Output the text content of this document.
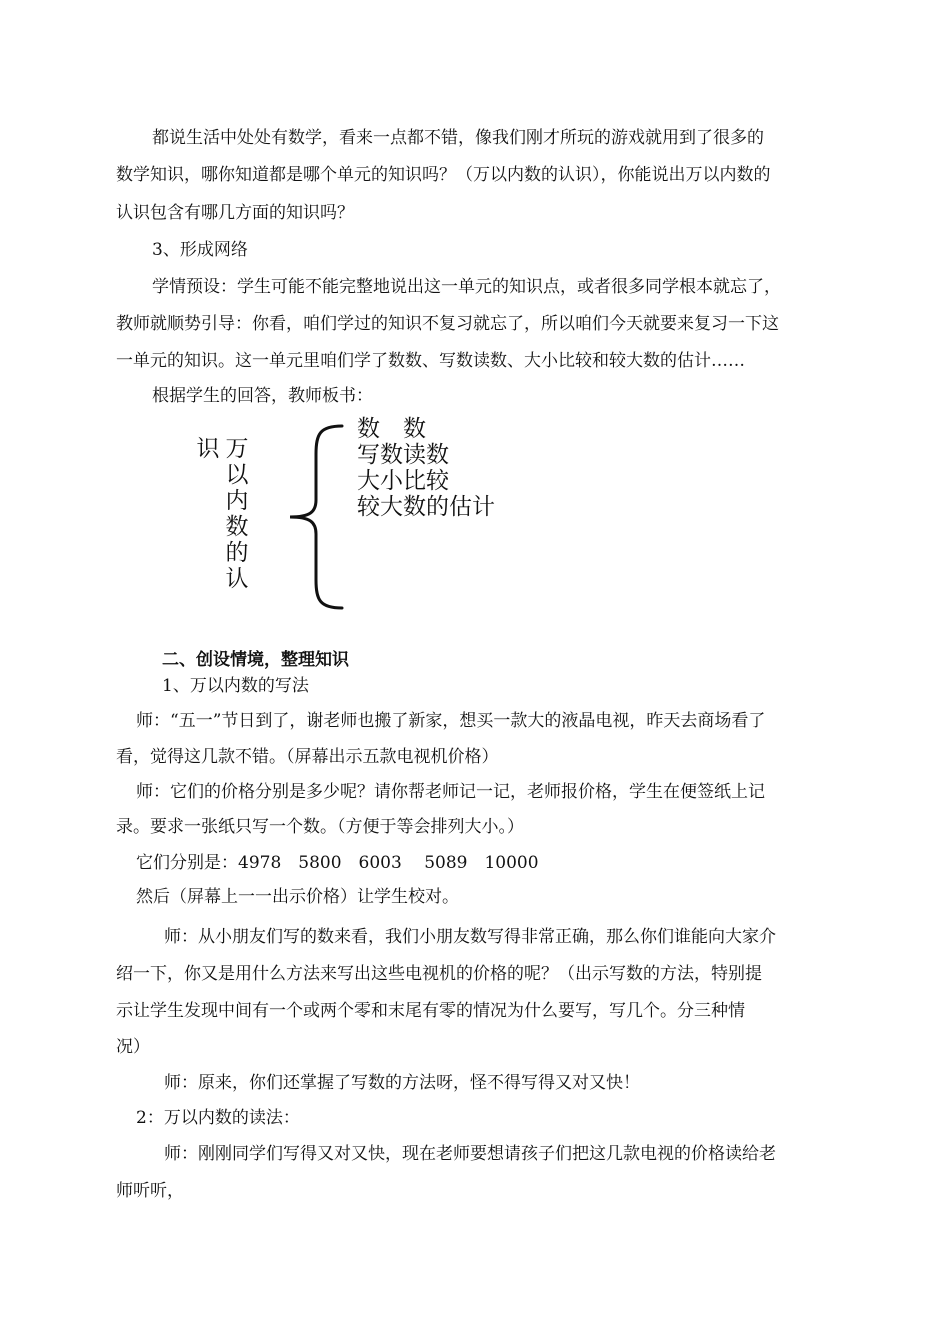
都说生活中处处有数学，看来一点都不错，像我们刚才所玩的游戏就用到了很多的
数学知识，哪你知道都是哪个单元的知识吗？（万以内数的认识），你能说出万以内数的
认识包含有哪几方面的知识吗？
3、形成网络
学情预设：学生可能不能完整地说出这一单元的知识点，或者很多同学根本就忘了，
教师就顺势引导：你看，咱们学过的知识不复习就忘了，所以咱们今天就要来复习一下这
一单元的知识。这一单元里咱们学了数数、写数读数、大小比较和较大数的估计……
根据学生的回答，教师板书：
识 万
以
内
数
的
认
数　数
写数读数
大小比较
较大数的估计
二、创设情境，整理知识
1、万以内数的写法
师：“五一”节日到了，谢老师也搬了新家，想买一款大的液晶电视，昨天去商场看了
看，觉得这几款不错。（屏幕出示五款电视机价格）
师：它们的价格分别是多少呢？请你帮老师记一记，老师报价格，学生在便签纸上记
录。要求一张纸只写一个数。（方便于等会排列大小。）
它们分别是：4978　5800　6003　 5089　10000
然后（屏幕上一一出示价格）让学生校对。
师：从小朋友们写的数来看，我们小朋友数写得非常正确，那么你们谁能向大家介
绍一下，你又是用什么方法来写出这些电视机的价格的呢？（出示写数的方法，特别提
示让学生发现中间有一个或两个零和末尾有零的情况为什么要写，写几个。分三种情
况）
师：原来，你们还掌握了写数的方法呀，怪不得写得又对又快！
2：万以内数的读法：
师：刚刚同学们写得又对又快，现在老师要想请孩子们把这几款电视的价格读给老
师听听，
